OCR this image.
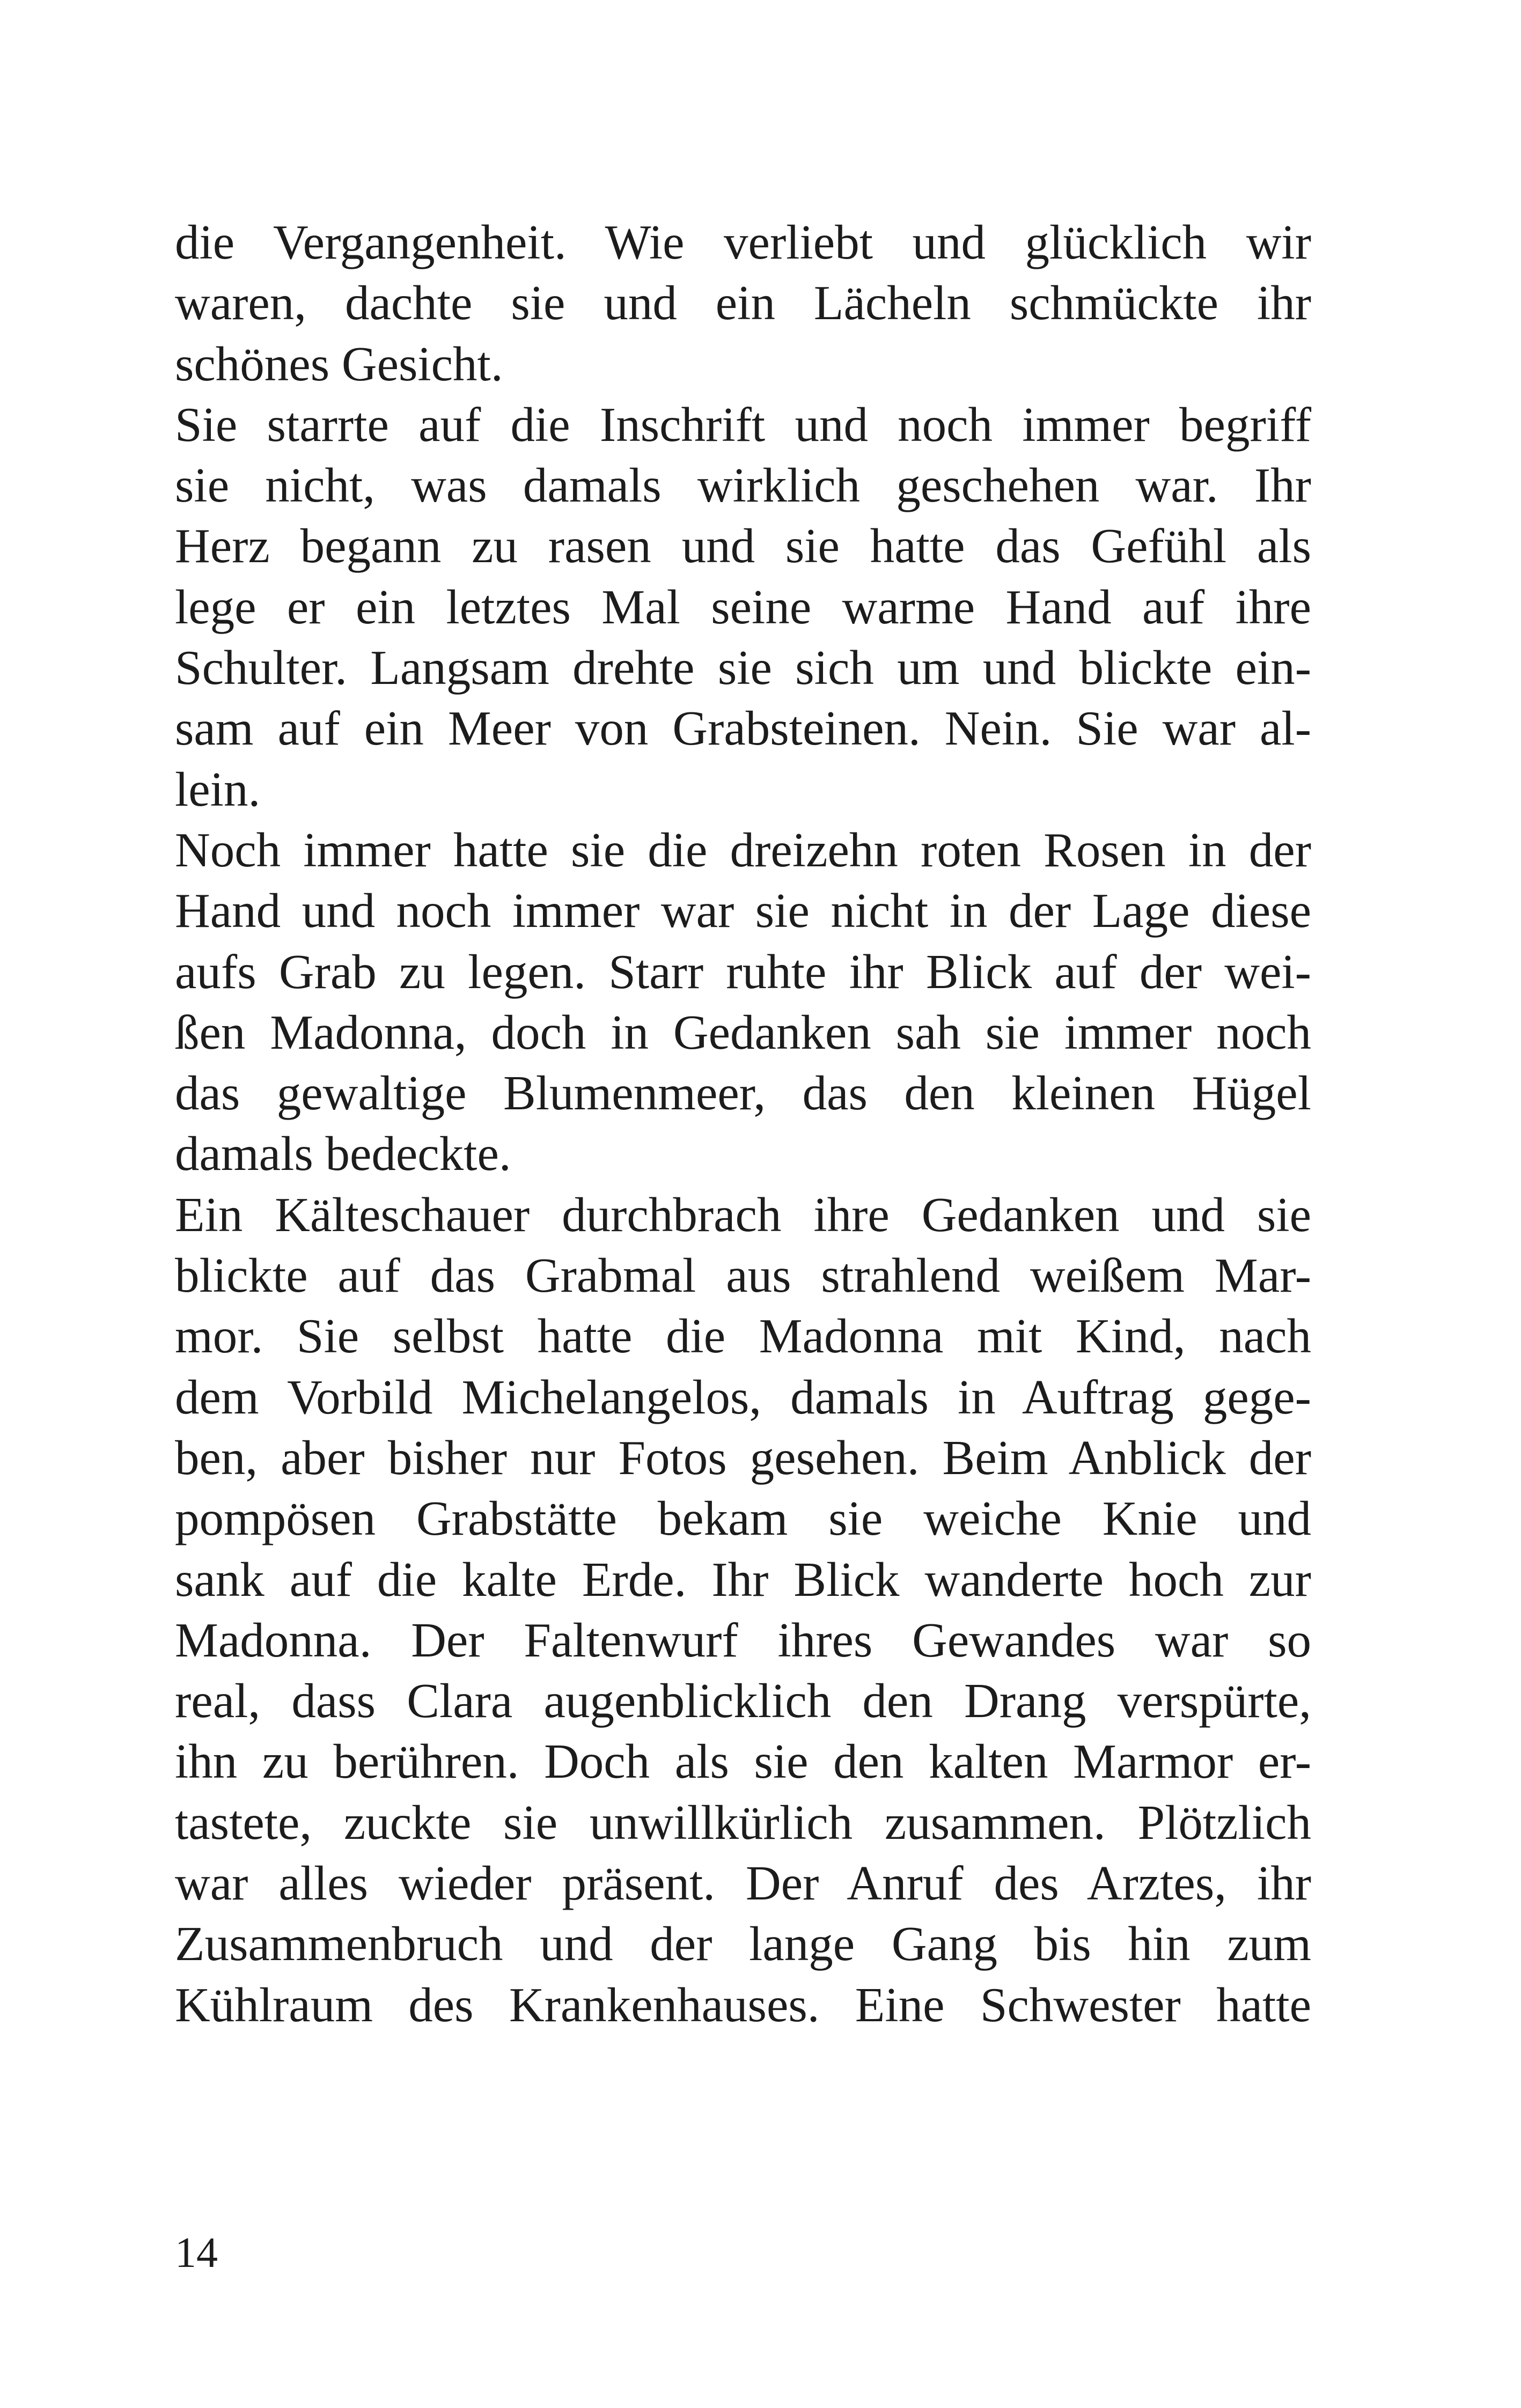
die Vergangenheit. Wie verliebt und glücklich wir
waren, dachte sie und ein Lächeln schmückte ihr
schönes Gesicht.
Sie starrte auf die Inschrift und noch immer begriff
sie nicht, was damals wirklich geschehen war. Ihr
Herz begann zu rasen und sie hatte das Gefühl als
lege er ein letztes Mal seine warme Hand auf ihre
Schulter. Langsam drehte sie sich um und blickte ein-
sam auf ein Meer von Grabsteinen. Nein. Sie war al-
lein.
Noch immer hatte sie die dreizehn roten Rosen in der
Hand und noch immer war sie nicht in der Lage diese
aufs Grab zu legen. Starr ruhte ihr Blick auf der wei-
ßen Madonna, doch in Gedanken sah sie immer noch
das gewaltige Blumenmeer, das den kleinen Hügel
damals bedeckte.
Ein Kälteschauer durchbrach ihre Gedanken und sie
blickte auf das Grabmal aus strahlend weißem Mar-
mor. Sie selbst hatte die Madonna mit Kind, nach
dem Vorbild Michelangelos, damals in Auftrag gege-
ben, aber bisher nur Fotos gesehen. Beim Anblick der
pompösen Grabstätte bekam sie weiche Knie und
sank auf die kalte Erde. Ihr Blick wanderte hoch zur
Madonna. Der Faltenwurf ihres Gewandes war so
real, dass Clara augenblicklich den Drang verspürte,
ihn zu berühren. Doch als sie den kalten Marmor er-
tastete, zuckte sie unwillkürlich zusammen. Plötzlich
war alles wieder präsent. Der Anruf des Arztes, ihr
Zusammenbruch und der lange Gang bis hin zum
Kühlraum des Krankenhauses. Eine Schwester hatte
14
